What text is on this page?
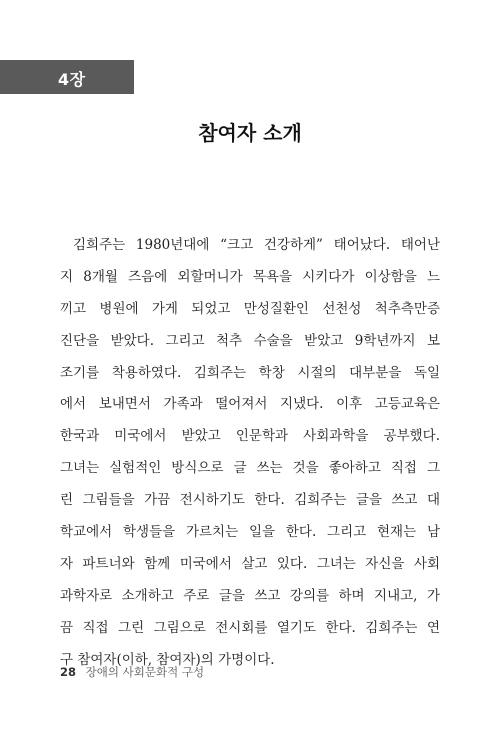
4장
참여자 소개

김희주는 1980년대에 “크고 건강하게” 태어났다. 태어난
지 8개월 즈음에 외할머니가 목욕을 시키다가 이상함을 느
끼고 병원에 가게 되었고 만성질환인 선천성 척추측만증
진단을 받았다. 그리고 척추 수술을 받았고 9학년까지 보
조기를 착용하였다. 김희주는 학창 시절의 대부분을 독일
에서 보내면서 가족과 떨어져서 지냈다. 이후 고등교육은
한국과 미국에서 받았고 인문학과 사회과학을 공부했다.
그녀는 실험적인 방식으로 글 쓰는 것을 좋아하고 직접 그
린 그림들을 가끔 전시하기도 한다. 김희주는 글을 쓰고 대
학교에서 학생들을 가르치는 일을 한다. 그리고 현재는 남
자 파트너와 함께 미국에서 살고 있다. 그녀는 자신을 사회
과학자로 소개하고 주로 글을 쓰고 강의를 하며 지내고, 가
끔 직접 그린 그림으로 전시회를 열기도 한다. 김희주는 연
구 참여자(이하, 참여자)의 가명이다.

28 장애의 사회문화적 구성
